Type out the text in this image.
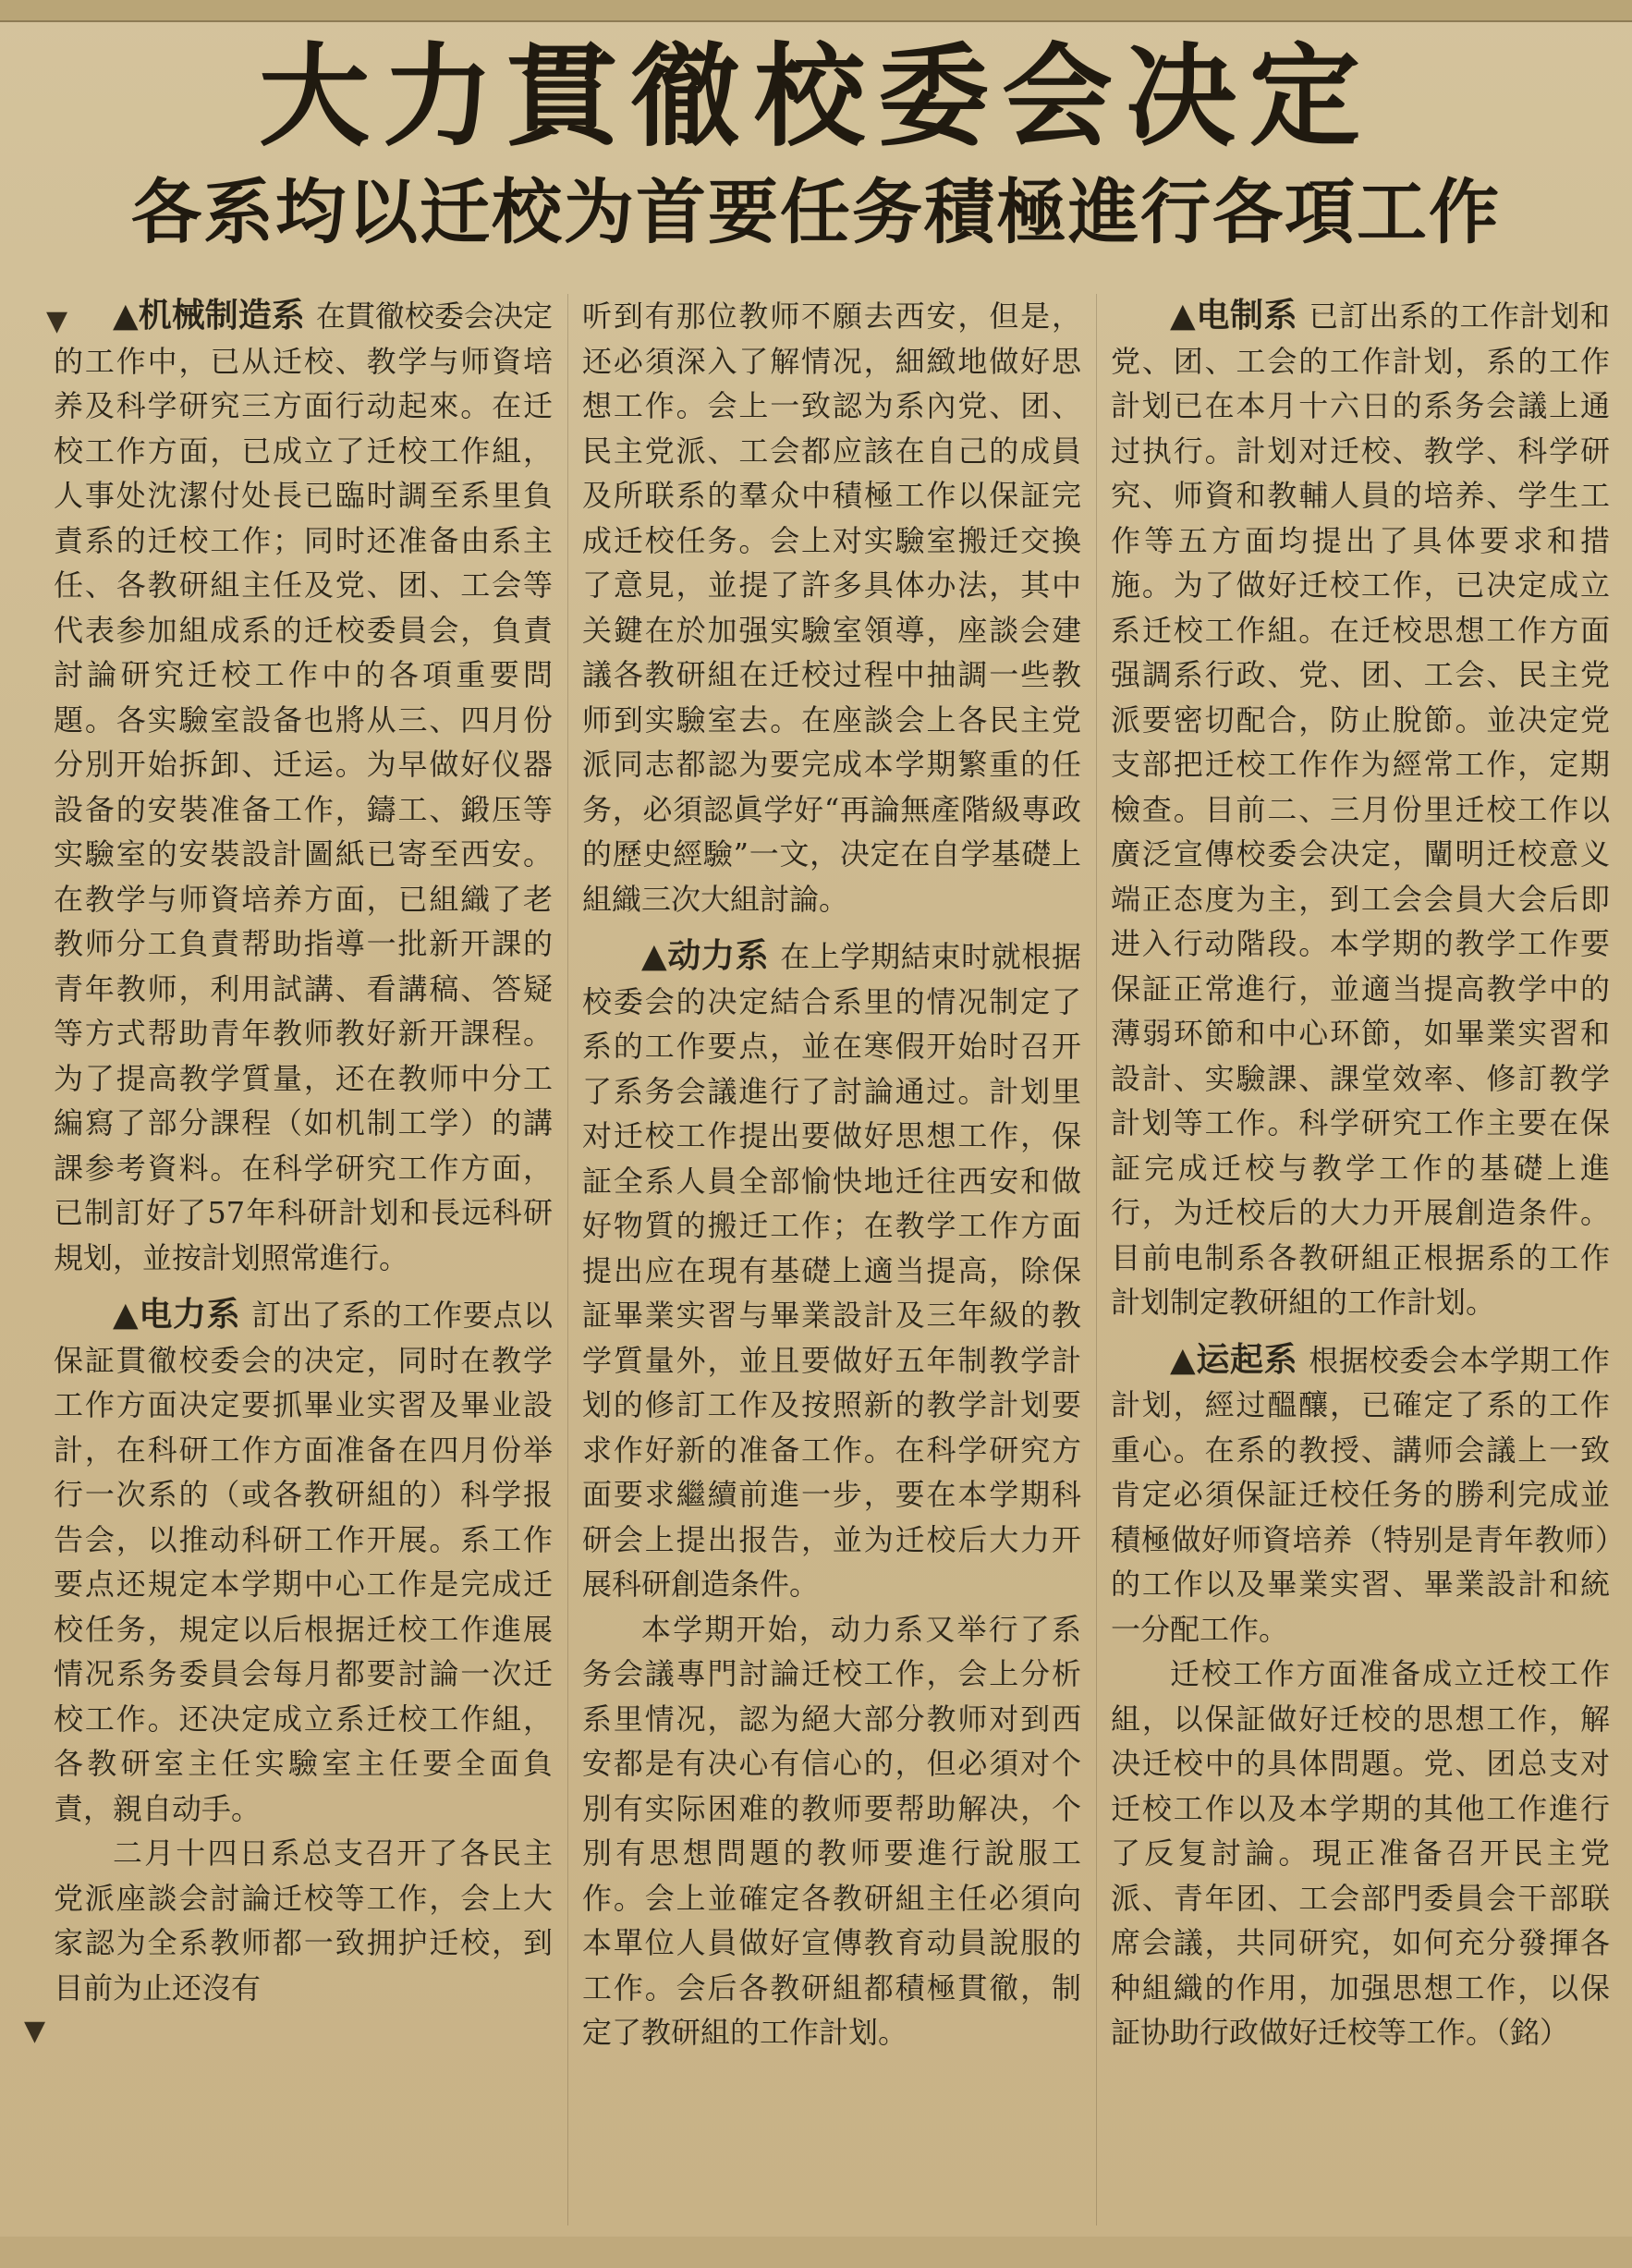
大力貫徹校委会决定
各系均以迁校为首要任务積極進行各項工作
▼
▼

▲机械制造系 在貫徹校委会决定的工作中，已从迁校、教学与师資培养及科学研究三方面行动起來。在迁校工作方面，已成立了迁校工作組，人事处沈潔付处長已臨时調至系里負責系的迁校工作；同时还准备由系主任、各教研組主任及党、团、工会等代表参加組成系的迁校委員会，負責討論研究迁校工作中的各項重要問題。各实驗室設备也將从三、四月份分別开始拆卸、迁运。为早做好仪器設备的安裝准备工作，鑄工、鍛压等实驗室的安裝設計圖紙已寄至西安。在教学与师資培养方面，已組織了老教师分工負責帮助指導一批新开課的青年教师，利用試講、看講稿、答疑等方式帮助青年教师教好新开課程。为了提高教学質量，还在教师中分工編寫了部分課程（如机制工学）的講課参考資料。在科学研究工作方面，已制訂好了57年科研計划和長远科研規划，並按計划照常進行。

▲电力系 訂出了系的工作要点以保証貫徹校委会的决定，同时在教学工作方面决定要抓畢业实習及畢业設計，在科研工作方面准备在四月份举行一次系的（或各教研組的）科学报告会，以推动科研工作开展。系工作要点还規定本学期中心工作是完成迁校任务，規定以后根据迁校工作進展情况系务委員会每月都要討論一次迁校工作。还决定成立系迁校工作組，各教研室主任实驗室主任要全面負責，親自动手。

二月十四日系总支召开了各民主党派座談会討論迁校等工作，会上大家認为全系教师都一致拥护迁校，到目前为止还沒有

听到有那位教师不願去西安，但是，还必須深入了解情况，細緻地做好思想工作。会上一致認为系內党、团、民主党派、工会都应該在自己的成員及所联系的羣众中積極工作以保証完成迁校任务。会上对实驗室搬迁交換了意見，並提了許多具体办法，其中关鍵在於加强实驗室領導，座談会建議各教研組在迁校过程中抽調一些教师到实驗室去。在座談会上各民主党派同志都認为要完成本学期繁重的任务，必須認眞学好“再論無產階級專政的歷史經驗”一文，决定在自学基礎上組織三次大組討論。

▲动力系 在上学期結束时就根据校委会的决定結合系里的情况制定了系的工作要点，並在寒假开始时召开了系务会議進行了討論通过。計划里对迁校工作提出要做好思想工作，保証全系人員全部愉快地迁往西安和做好物質的搬迁工作；在教学工作方面提出应在現有基礎上適当提高，除保証畢業实習与畢業設計及三年級的教学質量外，並且要做好五年制教学計划的修訂工作及按照新的教学計划要求作好新的准备工作。在科学研究方面要求繼續前進一步，要在本学期科研会上提出报告，並为迁校后大力开展科研創造条件。

本学期开始，动力系又举行了系务会議專門討論迁校工作，会上分析系里情况，認为絕大部分教师对到西安都是有决心有信心的，但必須对个別有实际困难的教师要帮助解决，个別有思想問題的教师要進行說服工作。会上並確定各教研組主任必須向本單位人員做好宣傳教育动員說服的工作。会后各教研組都積極貫徹，制定了教研組的工作計划。

▲电制系 已訂出系的工作計划和党、团、工会的工作計划，系的工作計划已在本月十六日的系务会議上通过执行。計划对迁校、教学、科学研究、师資和教輔人員的培养、学生工作等五方面均提出了具体要求和措施。为了做好迁校工作，已决定成立系迁校工作組。在迁校思想工作方面强調系行政、党、团、工会、民主党派要密切配合，防止脫節。並决定党支部把迁校工作作为經常工作，定期檢查。目前二、三月份里迁校工作以廣泛宣傳校委会决定，闡明迁校意义端正态度为主，到工会会員大会后即进入行动階段。本学期的教学工作要保証正常進行，並適当提高教学中的薄弱环節和中心环節，如畢業实習和設計、实驗課、課堂效率、修訂教学計划等工作。科学研究工作主要在保証完成迁校与教学工作的基礎上進行，为迁校后的大力开展創造条件。目前电制系各教研組正根据系的工作計划制定教研組的工作計划。

▲运起系 根据校委会本学期工作計划，經过醞釀，已確定了系的工作重心。在系的教授、講师会議上一致肯定必須保証迁校任务的勝利完成並積極做好师資培养（特别是青年教师）的工作以及畢業实習、畢業設計和統一分配工作。

迁校工作方面准备成立迁校工作組，以保証做好迁校的思想工作，解决迁校中的具体問題。党、团总支对迁校工作以及本学期的其他工作進行了反复討論。現正准备召开民主党派、青年团、工会部門委員会干部联席会議，共同研究，如何充分發揮各种組織的作用，加强思想工作，以保証协助行政做好迁校等工作。（銘）
